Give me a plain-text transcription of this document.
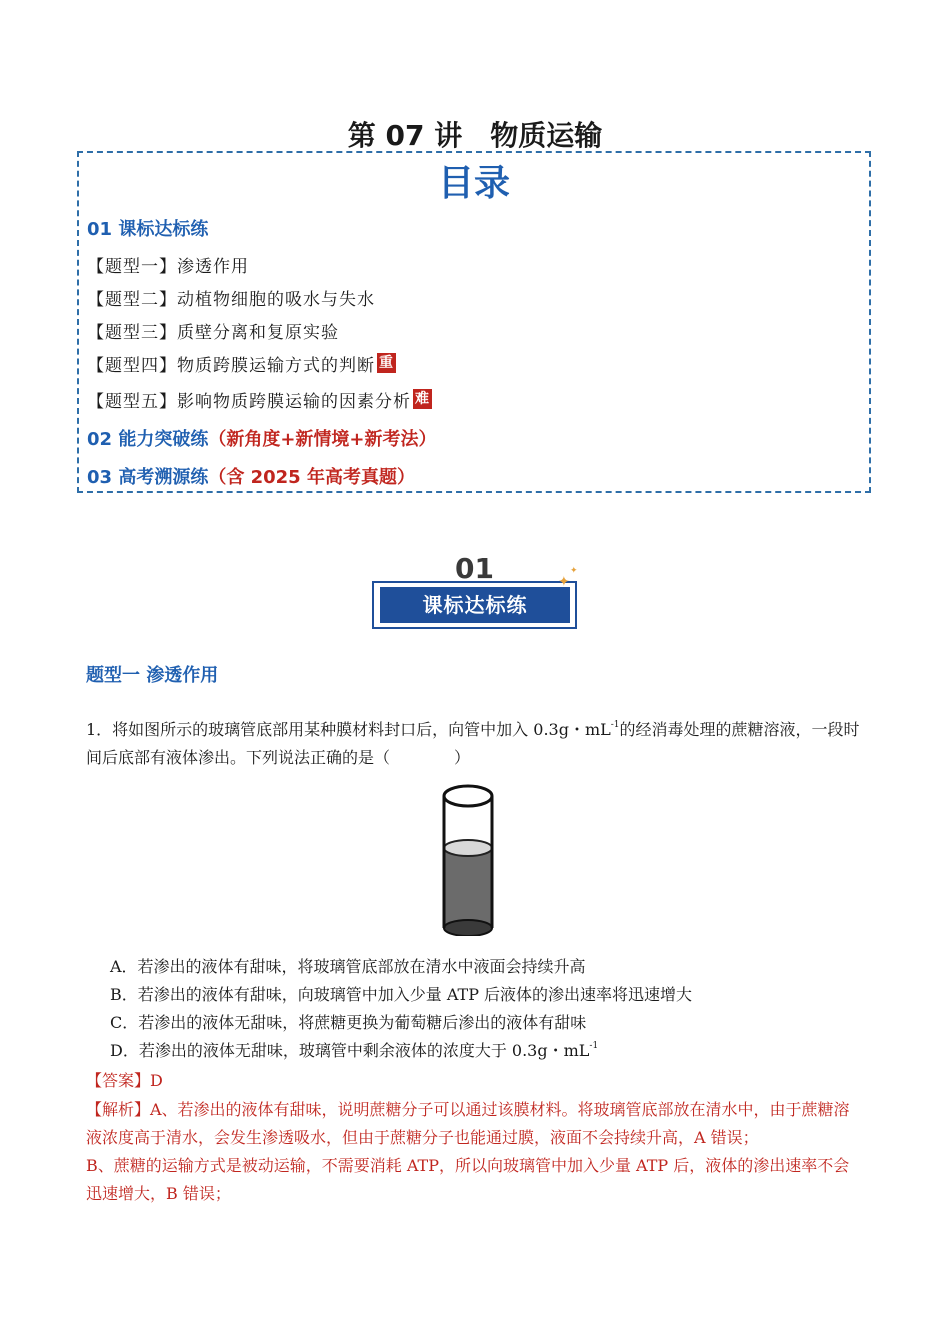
第 07 讲　物质运输
目录
01 课标达标练
【题型一】渗透作用
【题型二】动植物细胞的吸水与失水
【题型三】质壁分离和复原实验
【题型四】物质跨膜运输方式的判断 重
【题型五】影响物质跨膜运输的因素分析 难
02 能力突破练（新角度+新情境+新考法）
03 高考溯源练（含 2025 年高考真题）
01
课标达标练
✦
✦
题型一 渗透作用
1．将如图所示的玻璃管底部用某种膜材料封口后，向管中加入 0.3g・$mL^{-1}$的经消毒处理的蔗糖溶液，一段时间后底部有液体渗出。下列说法正确的是（　　　　）
A．若渗出的液体有甜味，将玻璃管底部放在清水中液面会持续升高
B．若渗出的液体有甜味，向玻璃管中加入少量 ATP 后液体的渗出速率将迅速增大
C．若渗出的液体无甜味，将蔗糖更换为葡萄糖后渗出的液体有甜味
D．若渗出的液体无甜味，玻璃管中剩余液体的浓度大于 0.3g・$mL^{-1}$
【答案】D
【解析】A、若渗出的液体有甜味，说明蔗糖分子可以通过该膜材料。将玻璃管底部放在清水中，由于蔗糖溶液浓度高于清水，会发生渗透吸水，但由于蔗糖分子也能通过膜，液面不会持续升高，A 错误；
B、蔗糖的运输方式是被动运输，不需要消耗 ATP，所以向玻璃管中加入少量 ATP 后，液体的渗出速率不会迅速增大，B 错误；
